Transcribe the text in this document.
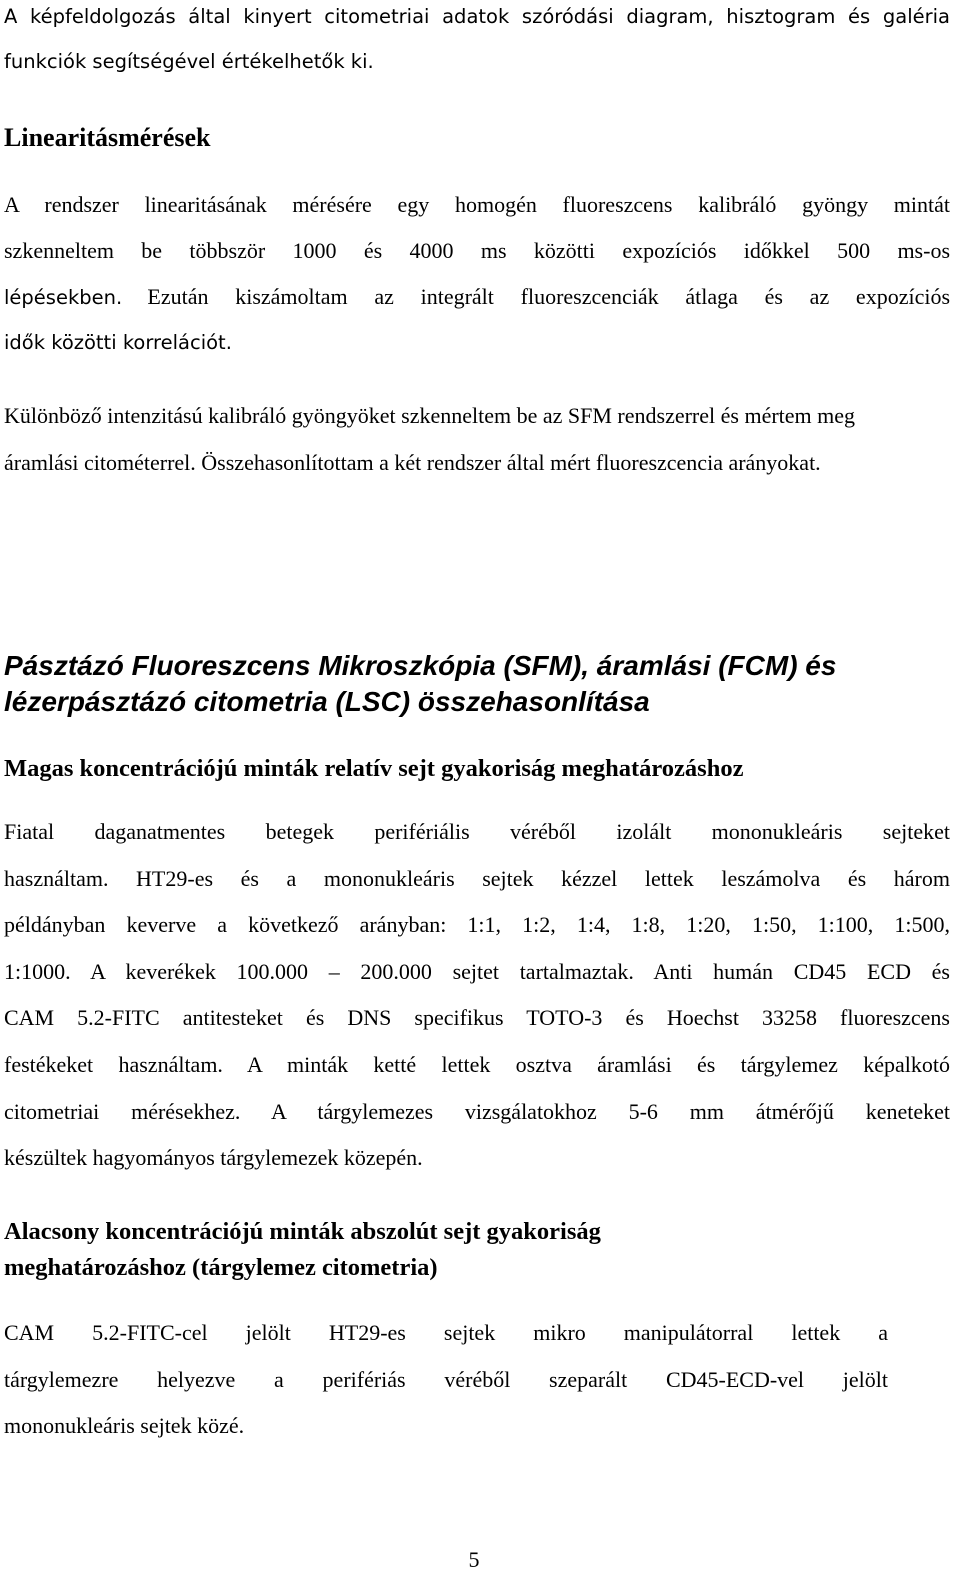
A képfeldolgozás által kinyert citometriai adatok szóródási diagram, hisztogram és galéria funkciók segítségével értékelhetők ki.

Linearitásmérések
A rendszer linearitásának mérésére egy homogén fluoreszcens kalibráló gyöngy mintát
szkenneltem be többször 1000 és 4000 ms közötti expozíciós időkkel 500 ms-os
lépésekben. Ezután kiszámoltam az integrált fluoreszcenciák átlaga és az expozíciós
idők közötti korrelációt.

Különböző intenzitású kalibráló gyöngyöket szkenneltem be az SFM rendszerrel és mértem meg áramlási citométerrel. Összehasonlítottam a két rendszer által mért fluoreszcencia arányokat.

Pásztázó Fluoreszcens Mikroszkópia (SFM), áramlási (FCM) és lézerpásztázó citometria (LSC) összehasonlítása
Magas koncentrációjú minták relatív sejt gyakoriság meghatározáshoz
Fiatal daganatmentes betegek perifériális véréből izolált mononukleáris sejteket
használtam. HT29-es és a mononukleáris sejtek kézzel lettek leszámolva és három
példányban keverve a következő arányban: 1:1, 1:2, 1:4, 1:8, 1:20, 1:50, 1:100, 1:500,
1:1000. A keverékek 100.000 – 200.000 sejtet tartalmaztak. Anti humán CD45 ECD és
CAM 5.2-FITC antitesteket és DNS specifikus TOTO-3 és Hoechst 33258 fluoreszcens
festékeket használtam. A minták ketté lettek osztva áramlási és tárgylemez képalkotó
citometriai mérésekhez. A tárgylemezes vizsgálatokhoz 5-6 mm átmérőjű keneteket
készültek hagyományos tárgylemezek közepén.
Alacsony koncentrációjú minták abszolút sejt gyakoriság meghatározáshoz (tárgylemez citometria)
CAM 5.2-FITC-cel jelölt HT29-es sejtek mikro manipulátorral lettek a
tárgylemezre helyezve a perifériás véréből szeparált CD45-ECD-vel jelölt
mononukleáris sejtek közé.
5
